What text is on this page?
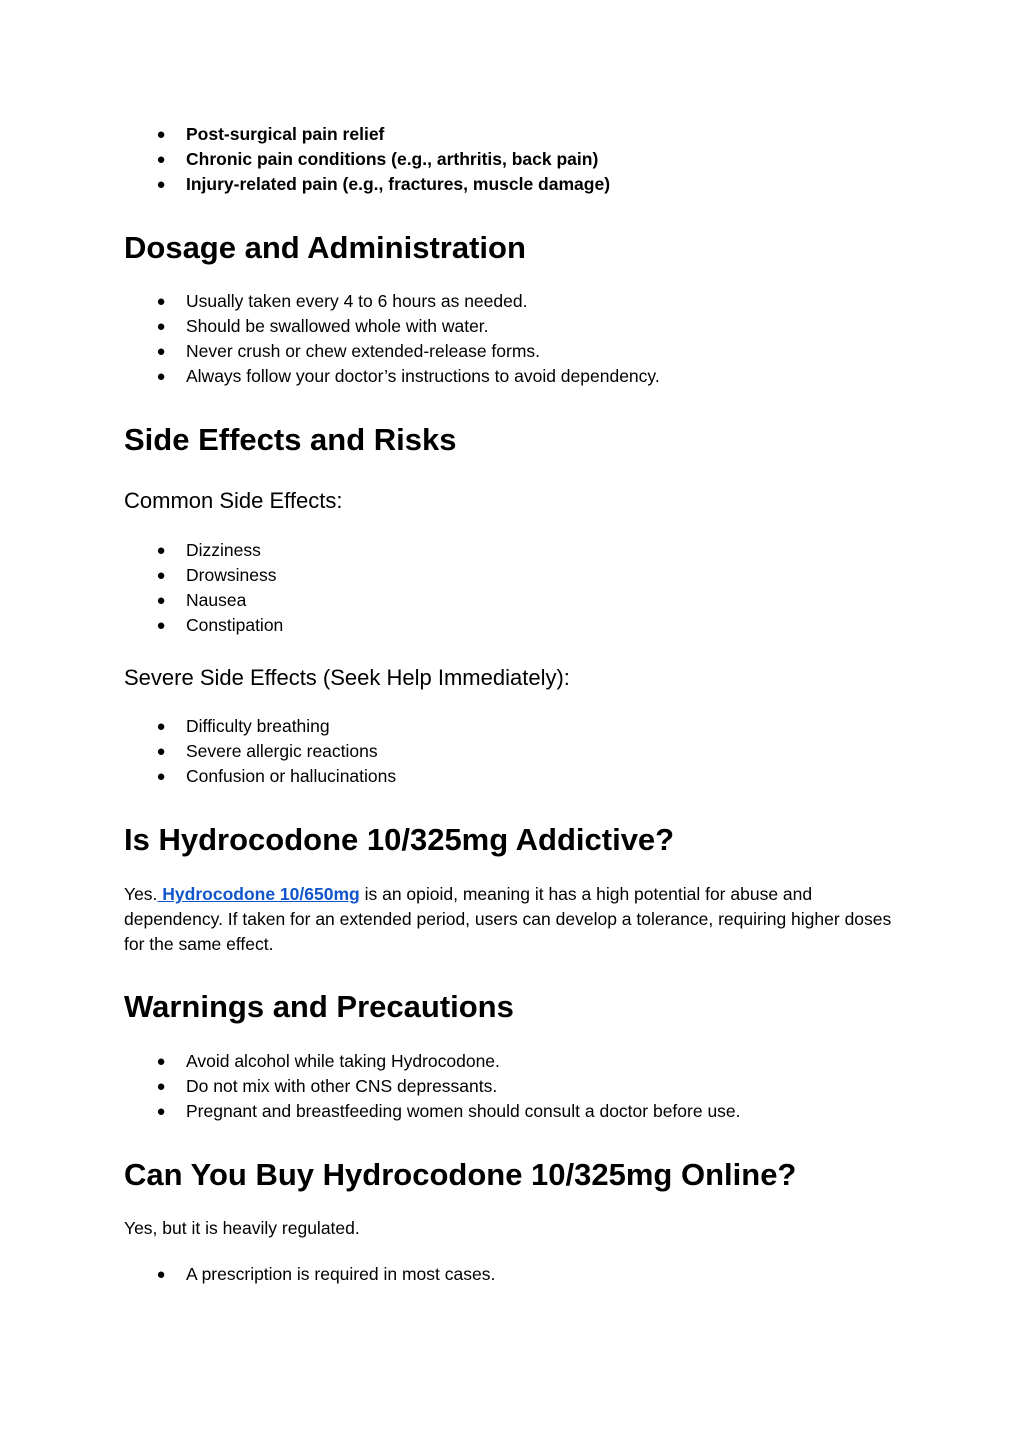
● Post-surgical pain relief
● Chronic pain conditions (e.g., arthritis, back pain)
● Injury-related pain (e.g., fractures, muscle damage)
Dosage and Administration
● Usually taken every 4 to 6 hours as needed.
● Should be swallowed whole with water.
● Never crush or chew extended-release forms.
● Always follow your doctor’s instructions to avoid dependency.
Side Effects and Risks
Common Side Effects:
● Dizziness
● Drowsiness
● Nausea
● Constipation
Severe Side Effects (Seek Help Immediately):
● Difficulty breathing
● Severe allergic reactions
● Confusion or hallucinations
Is Hydrocodone 10/325mg Addictive?

Yes. Hydrocodone 10/650mg is an opioid, meaning it has a high potential for abuse and dependency. If taken for an extended period, users can develop a tolerance, requiring higher doses for the same effect.

Warnings and Precautions
● Avoid alcohol while taking Hydrocodone.
● Do not mix with other CNS depressants.
● Pregnant and breastfeeding women should consult a doctor before use.
Can You Buy Hydrocodone 10/325mg Online?

Yes, but it is heavily regulated.

● A prescription is required in most cases.
